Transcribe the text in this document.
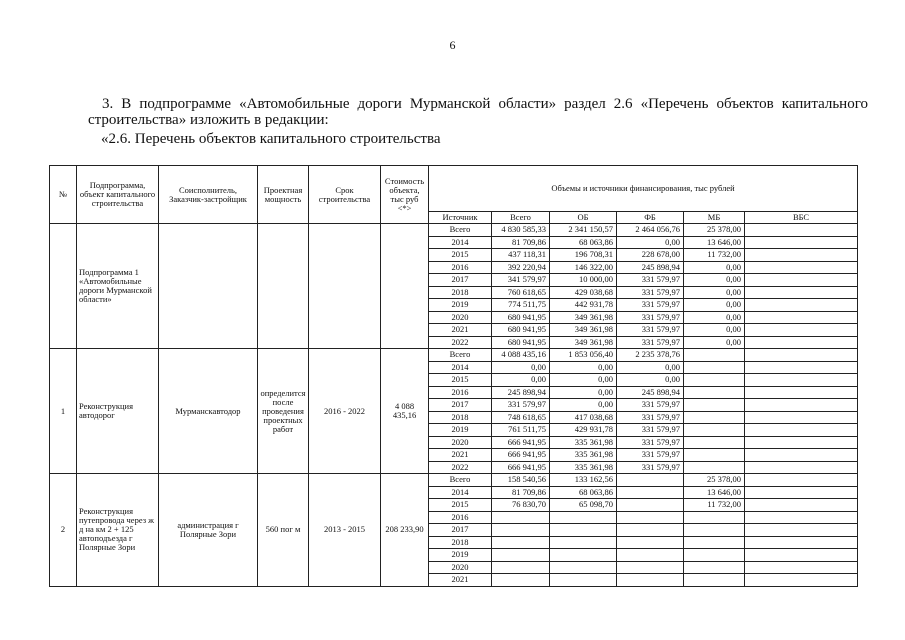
6
3. В подпрограмме «Автомобильные дороги Мурманской области» раздел 2.6 «Перечень объектов капитального строительства» изложить в редакции:
«2.6. Перечень объектов капитального строительства
№	Подпрограмма, объект капитального строительства	Соисполнитель, Заказчик-застройщик	Проектная мощность	Срок строительства	Стоимость объекта, тыс руб <*>	Объемы и источники финансирования, тыс рублей					
						Источник	Всего	ОБ	ФБ	МБ	ВБС
	Подпрограмма 1 «Автомобильные дороги Мурманской области»					Всего	4 830 585,33	2 341 150,57	2 464 056,76	25 378,00	
						2014	81 709,86	68 063,86	0,00	13 646,00	
						2015	437 118,31	196 708,31	228 678,00	11 732,00	
						2016	392 220,94	146 322,00	245 898,94	0,00	
						2017	341 579,97	10 000,00	331 579,97	0,00	
						2018	760 618,65	429 038,68	331 579,97	0,00	
						2019	774 511,75	442 931,78	331 579,97	0,00	
						2020	680 941,95	349 361,98	331 579,97	0,00	
						2021	680 941,95	349 361,98	331 579,97	0,00	
						2022	680 941,95	349 361,98	331 579,97	0,00	
1	Реконструкция автодорог	Мурманскавтодор	определится после проведения проектных работ	2016 - 2022	4 088 435,16	Всего	4 088 435,16	1 853 056,40	2 235 378,76		
						2014	0,00	0,00	0,00		
						2015	0,00	0,00	0,00		
						2016	245 898,94	0,00	245 898,94		
						2017	331 579,97	0,00	331 579,97		
						2018	748 618,65	417 038,68	331 579,97		
						2019	761 511,75	429 931,78	331 579,97		
						2020	666 941,95	335 361,98	331 579,97		
						2021	666 941,95	335 361,98	331 579,97		
						2022	666 941,95	335 361,98	331 579,97		
2	Реконструкция путепровода через ж д на км 2 + 125 автоподъезда г Полярные Зори	администрация г Полярные Зори	560 пог м	2013 - 2015	208 233,90	Всего	158 540,56	133 162,56		25 378,00	
						2014	81 709,86	68 063,86		13 646,00	
						2015	76 830,70	65 098,70		11 732,00	
						2016					
						2017					
						2018					
						2019					
						2020					
						2021					
